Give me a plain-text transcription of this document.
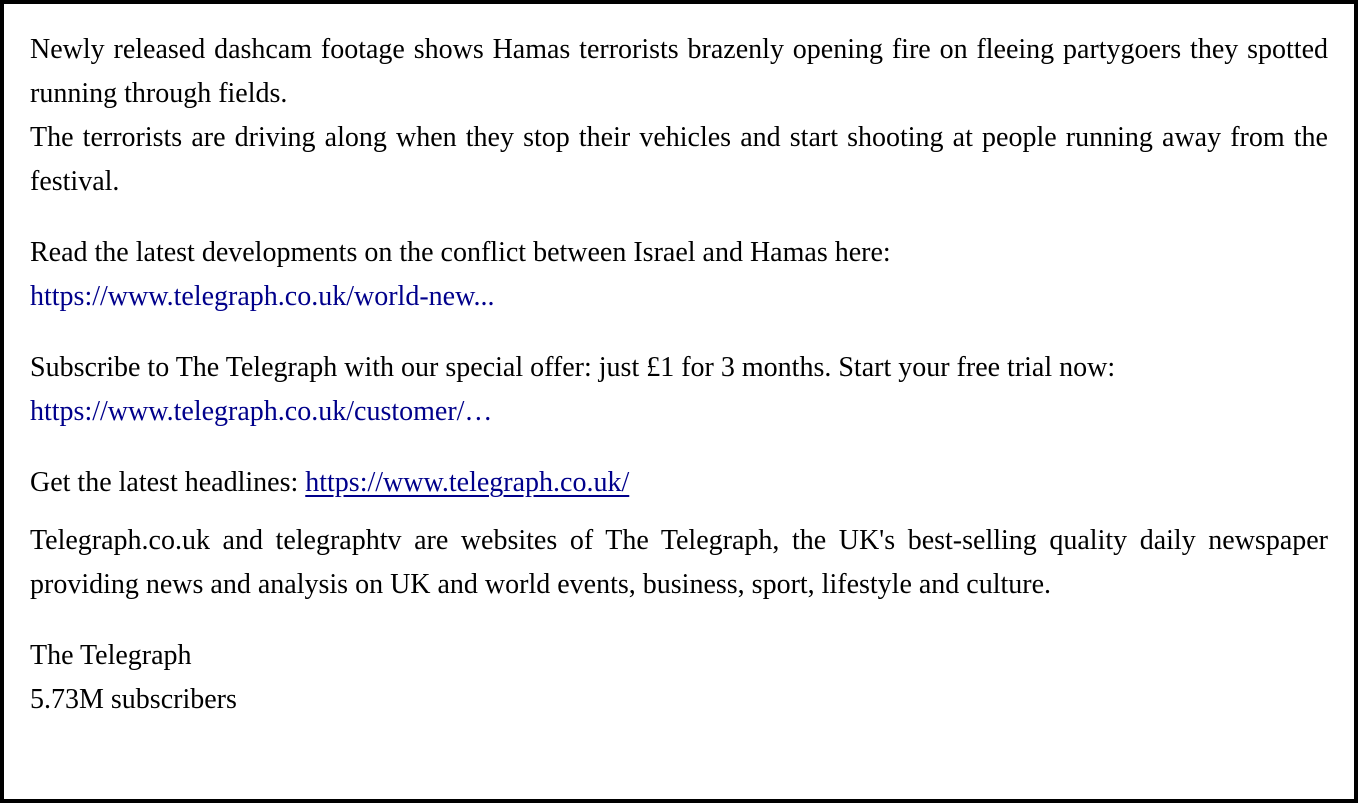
Newly released dashcam footage shows Hamas terrorists brazenly opening fire on fleeing partygoers they spotted running through fields.

The terrorists are driving along when they stop their vehicles and start shooting at people running away from the festival.

Read the latest developments on the conflict between Israel and Hamas here:
https://www.telegraph.co.uk/world-new...
Subscribe to The Telegraph with our special offer: just £1 for 3 months. Start your free trial now:
https://www.telegraph.co.uk/customer/…
Get the latest headlines: https://www.telegraph.co.uk/

Telegraph.co.uk and telegraphtv are websites of The Telegraph, the UK's best-selling quality daily newspaper providing news and analysis on UK and world events, business, sport, lifestyle and culture.

The Telegraph
5.73M subscribers
